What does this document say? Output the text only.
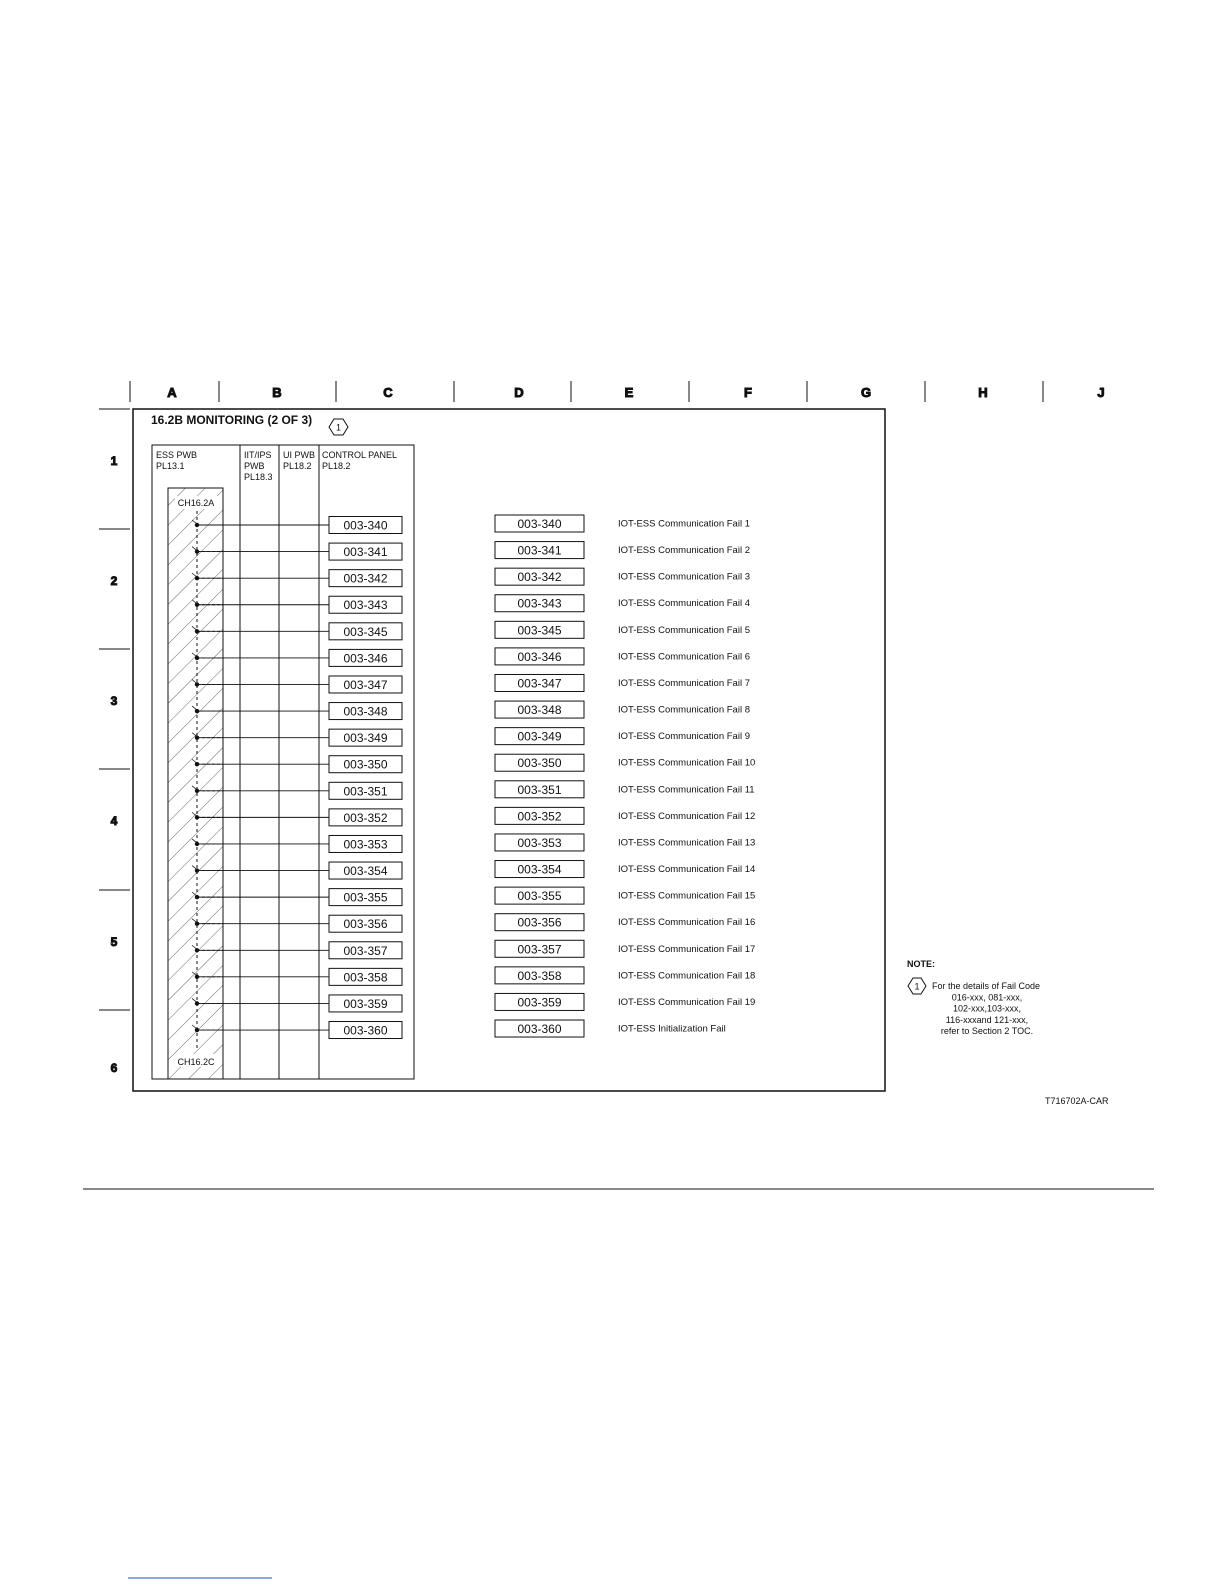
A	B	C	D	E	F	G	H	J
1
2
3
4
5
6
16.2B MONITORING (2 OF 3)
1
ESS PWB
PL13.1
IIT/IPS
PWB
PL18.3
UI PWB
PL18.2
CONTROL PANEL
PL18.2
CH16.2A
CH16.2C
003-340	003-340	IOT-ESS Communication Fail 1
003-341	003-341	IOT-ESS Communication Fail 2
003-342	003-342	IOT-ESS Communication Fail 3
003-343	003-343	IOT-ESS Communication Fail 4
003-345	003-345	IOT-ESS Communication Fail 5
003-346	003-346	IOT-ESS Communication Fail 6
003-347	003-347	IOT-ESS Communication Fail 7
003-348	003-348	IOT-ESS Communication Fail 8
003-349	003-349	IOT-ESS Communication Fail 9
003-350	003-350	IOT-ESS Communication Fail 10
003-351	003-351	IOT-ESS Communication Fail 11
003-352	003-352	IOT-ESS Communication Fail 12
003-353	003-353	IOT-ESS Communication Fail 13
003-354	003-354	IOT-ESS Communication Fail 14
003-355	003-355	IOT-ESS Communication Fail 15
003-356	003-356	IOT-ESS Communication Fail 16
003-357	003-357	IOT-ESS Communication Fail 17
003-358	003-358	IOT-ESS Communication Fail 18
003-359	003-359	IOT-ESS Communication Fail 19
003-360	003-360	IOT-ESS Initialization Fail
NOTE:
1 For the details of Fail Code
016-xxx, 081-xxx,
102-xxx,103-xxx,
116-xxxand 121-xxx,
refer to Section 2 TOC.
T716702A-CAR
